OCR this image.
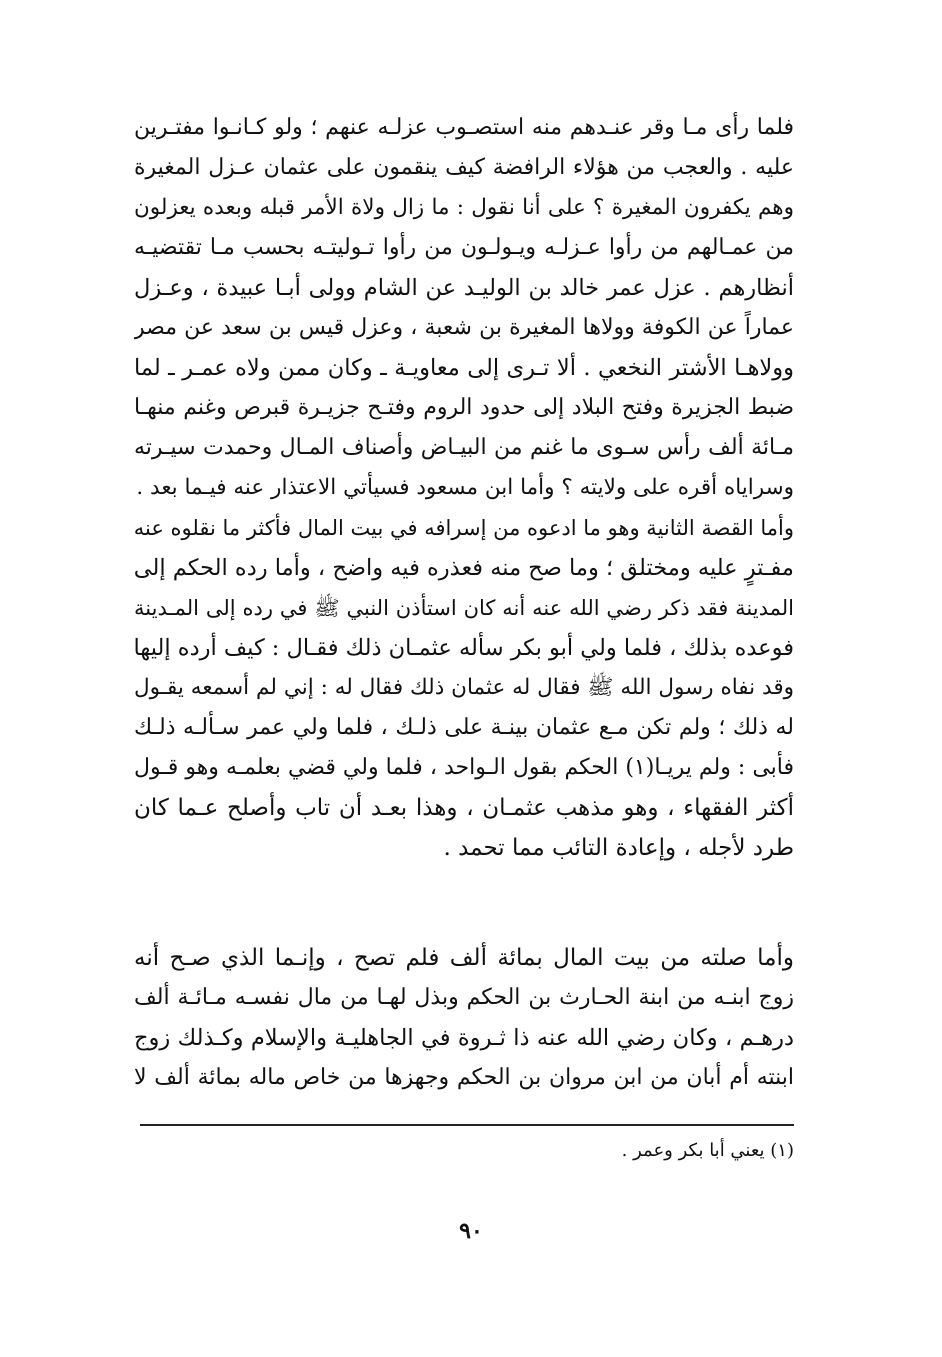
فلما رأى مـا وقر عنـدهم منه استصـوب عزلـه عنهم ؛ ولو كـانـوا مفتـرين
عليه . والعجب من هؤلاء الرافضة كيف ينقمون على عثمان عـزل المغيرة
وهم يكفرون المغيرة ؟ على أنا نقول : ما زال ولاة الأمر قبله وبعده يعزلون
من عمـالهم من رأوا عـزلـه ويـولـون من رأوا تـوليتـه بحسب مـا تقتضيـه
أنظارهم . عزل عمر خالد بن الوليـد عن الشام وولى أبـا عبيدة ، وعـزل
عماراً عن الكوفة وولاها المغيرة بن شعبة ، وعزل قيس بن سعد عن مصر
وولاهـا الأشتر النخعي . ألا تـرى إلى معاويـة ـ وكان ممن ولاه عمـر ـ لما
ضبط الجزيرة وفتح البلاد إلى حدود الروم وفتـح جزيـرة قبرص وغنم منهـا
مـائة ألف رأس سـوى ما غنم من البيـاض وأصناف المـال وحمدت سيـرته
وسراياه أقره على ولايته ؟ وأما ابن مسعود فسيأتي الاعتذار عنه فيـما بعد .
وأما القصة الثانية وهو ما ادعوه من إسرافه في بيت المال فأكثر ما نقلوه عنه
مفـترٍ عليه ومختلق ؛ وما صح منه فعذره فيه واضح ، وأما رده الحكم إلى
المدينة فقد ذكر رضي الله عنه أنه كان استأذن النبي ﷺ في رده إلى المـدينة
فوعده بذلك ، فلما ولي أبو بكر سأله عثمـان ذلك فقـال : كيف أرده إليها
وقد نفاه رسول الله ﷺ فقال له عثمان ذلك فقال له : إني لم أسمعه يقـول
له ذلك ؛ ولم تكن مـع عثمان بينـة على ذلـك ، فلما ولي عمر سـألـه ذلـك
فأبى : ولم يريـا(١) الحكم بقول الـواحد ، فلما ولي قضي بعلمـه وهو قـول
أكثر الفقهاء ، وهو مذهب عثمـان ، وهذا بعـد أن تاب وأصلح عـما كان
طرد لأجله ، وإعادة التائب مما تحمد .
وأما صلته من بيت المال بمائة ألف فلم تصح ، وإنـما الذي صـح أنه
زوج ابنـه من ابنة الحـارث بن الحكم وبذل لهـا من مال نفسـه مـائـة ألف
درهـم ، وكان رضي الله عنه ذا ثـروة في الجاهليـة والإسلام وكـذلك زوج
ابنته أم أبان من ابن مروان بن الحكم وجهزها من خاص ماله بمائة ألف لا
(١) يعني أبا بكر وعمر .
٩٠
